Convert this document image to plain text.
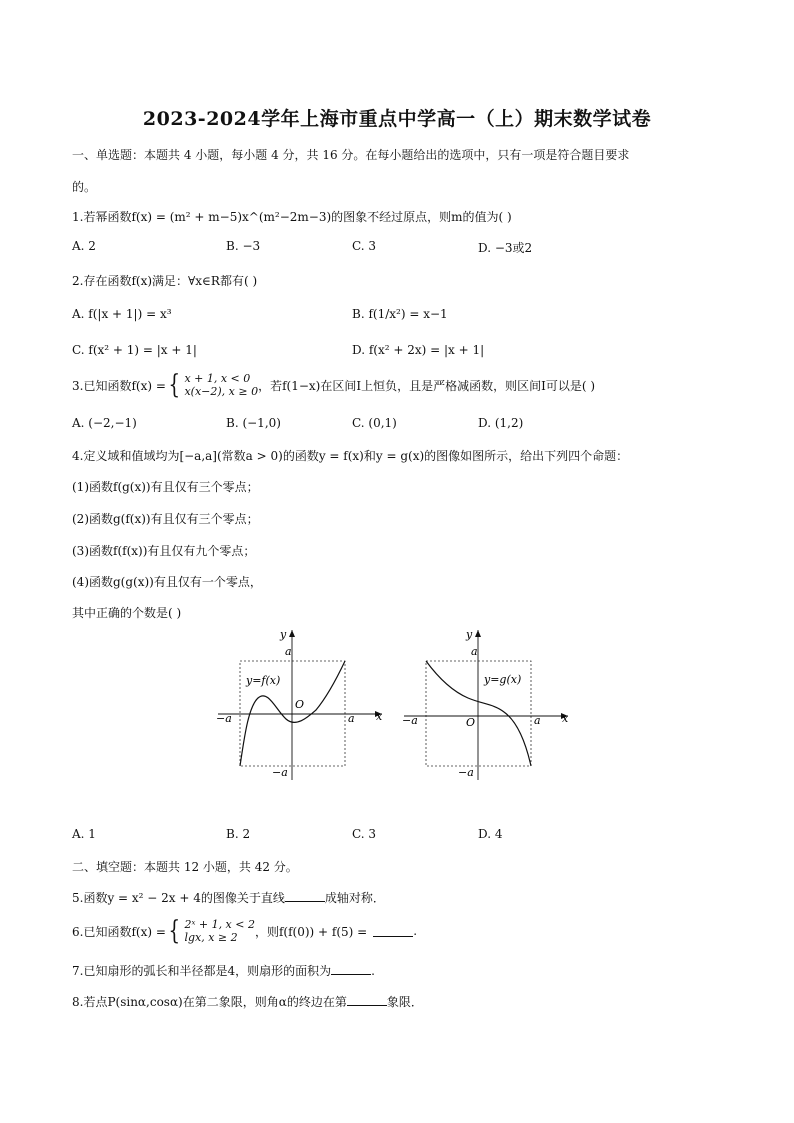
2023-2024学年上海市重点中学高一（上）期末数学试卷
一、单选题：本题共 4 小题，每小题 4 分，共 16 分。在每小题给出的选项中，只有一项是符合题目要求
的。
1.若幂函数f(x) = (m² + m−5)x^(m²−2m−3)的图象不经过原点，则m的值为( )
A. 2	B. −3	C. 3	D. −3或2
2.存在函数f(x)满足：∀x∈R都有( )
A. f(|x + 1|) = x³	B. f(1/x²) = x−1
C. f(x² + 1) = |x + 1|	D. f(x² + 2x) = |x + 1|
3.已知函数f(x) = { x + 1, x < 0
x(x−2), x ≥ 0 ，若f(1−x)在区间I上恒负，且是严格减函数，则区间I可以是( )
A. (−2,−1)	B. (−1,0)	C. (0,1)	D. (1,2)
4.定义域和值域均为[−a,a](常数a > 0)的函数y = f(x)和y = g(x)的图像如图所示，给出下列四个命题：
(1)函数f(g(x))有且仅有三个零点；
(2)函数g(f(x))有且仅有三个零点；
(3)函数f(f(x))有且仅有九个零点；
(4)函数g(g(x))有且仅有一个零点，
其中正确的个数是( )
y
a
y=f(x)
O
−a	a x
−a
y
a
y=g(x)
O
−a	a x
−a
A. 1	B. 2	C. 3	D. 4
二、填空题：本题共 12 小题，共 42 分。
5.函数y = x² − 2x + 4的图像关于直线	成轴对称．
6.已知函数f(x) = { 2ˣ + 1, x < 2
lgx, x ≥ 2	，则f(f(0)) + f(5) =	.
7.已知扇形的弧长和半径都是4，则扇形的面积为	.
8.若点P(sinα,cosα)在第二象限，则角α的终边在第	象限．
